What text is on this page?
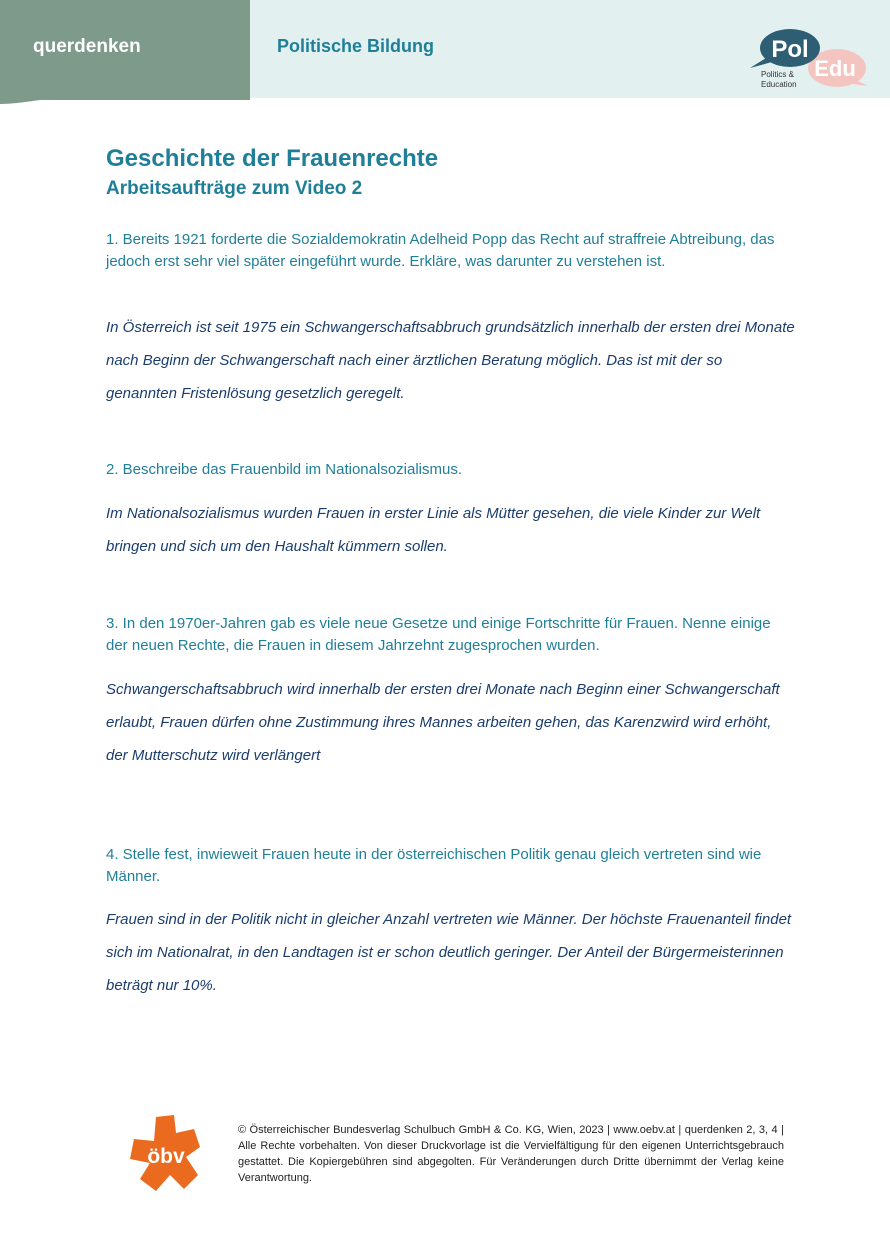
querdenken	Politische Bildung	Pol
Edu
Politics &
Education
Geschichte der Frauenrechte
Arbeitsaufträge zum Video 2
1. Bereits 1921 forderte die Sozialdemokratin Adelheid Popp das Recht auf straffreie Abtreibung, das jedoch erst sehr viel später eingeführt wurde. Erkläre, was darunter zu verstehen ist.
In Österreich ist seit 1975 ein Schwangerschaftsabbruch grundsätzlich innerhalb der ersten drei Monate nach Beginn der Schwangerschaft nach einer ärztlichen Beratung möglich. Das ist mit der so genannten Fristenlösung gesetzlich geregelt.
2. Beschreibe das Frauenbild im Nationalsozialismus.
Im Nationalsozialismus wurden Frauen in erster Linie als Mütter gesehen, die viele Kinder zur Welt bringen und sich um den Haushalt kümmern sollen.
3. In den 1970er-Jahren gab es viele neue Gesetze und einige Fortschritte für Frauen. Nenne einige der neuen Rechte, die Frauen in diesem Jahrzehnt zugesprochen wurden.
Schwangerschaftsabbruch wird innerhalb der ersten drei Monate nach Beginn einer Schwangerschaft erlaubt, Frauen dürfen ohne Zustimmung ihres Mannes arbeiten gehen, das Karenzwird wird erhöht, der Mutterschutz wird verlängert
4. Stelle fest, inwieweit Frauen heute in der österreichischen Politik genau gleich vertreten sind wie Männer.
Frauen sind in der Politik nicht in gleicher Anzahl vertreten wie Männer. Der höchste Frauenanteil findet sich im Nationalrat, in den Landtagen ist er schon deutlich geringer. Der Anteil der Bürgermeisterinnen beträgt nur 10%.
öbv
© Österreichischer Bundesverlag Schulbuch GmbH & Co. KG, Wien, 2023 | www.oebv.at | querdenken 2, 3, 4 | Alle Rechte vorbehalten. Von dieser Druckvorlage ist die Vervielfältigung für den eigenen Unterrichtsgebrauch gestattet. Die Kopiergebühren sind abgegolten. Für Veränderungen durch Dritte übernimmt der Verlag keine Verantwortung.
